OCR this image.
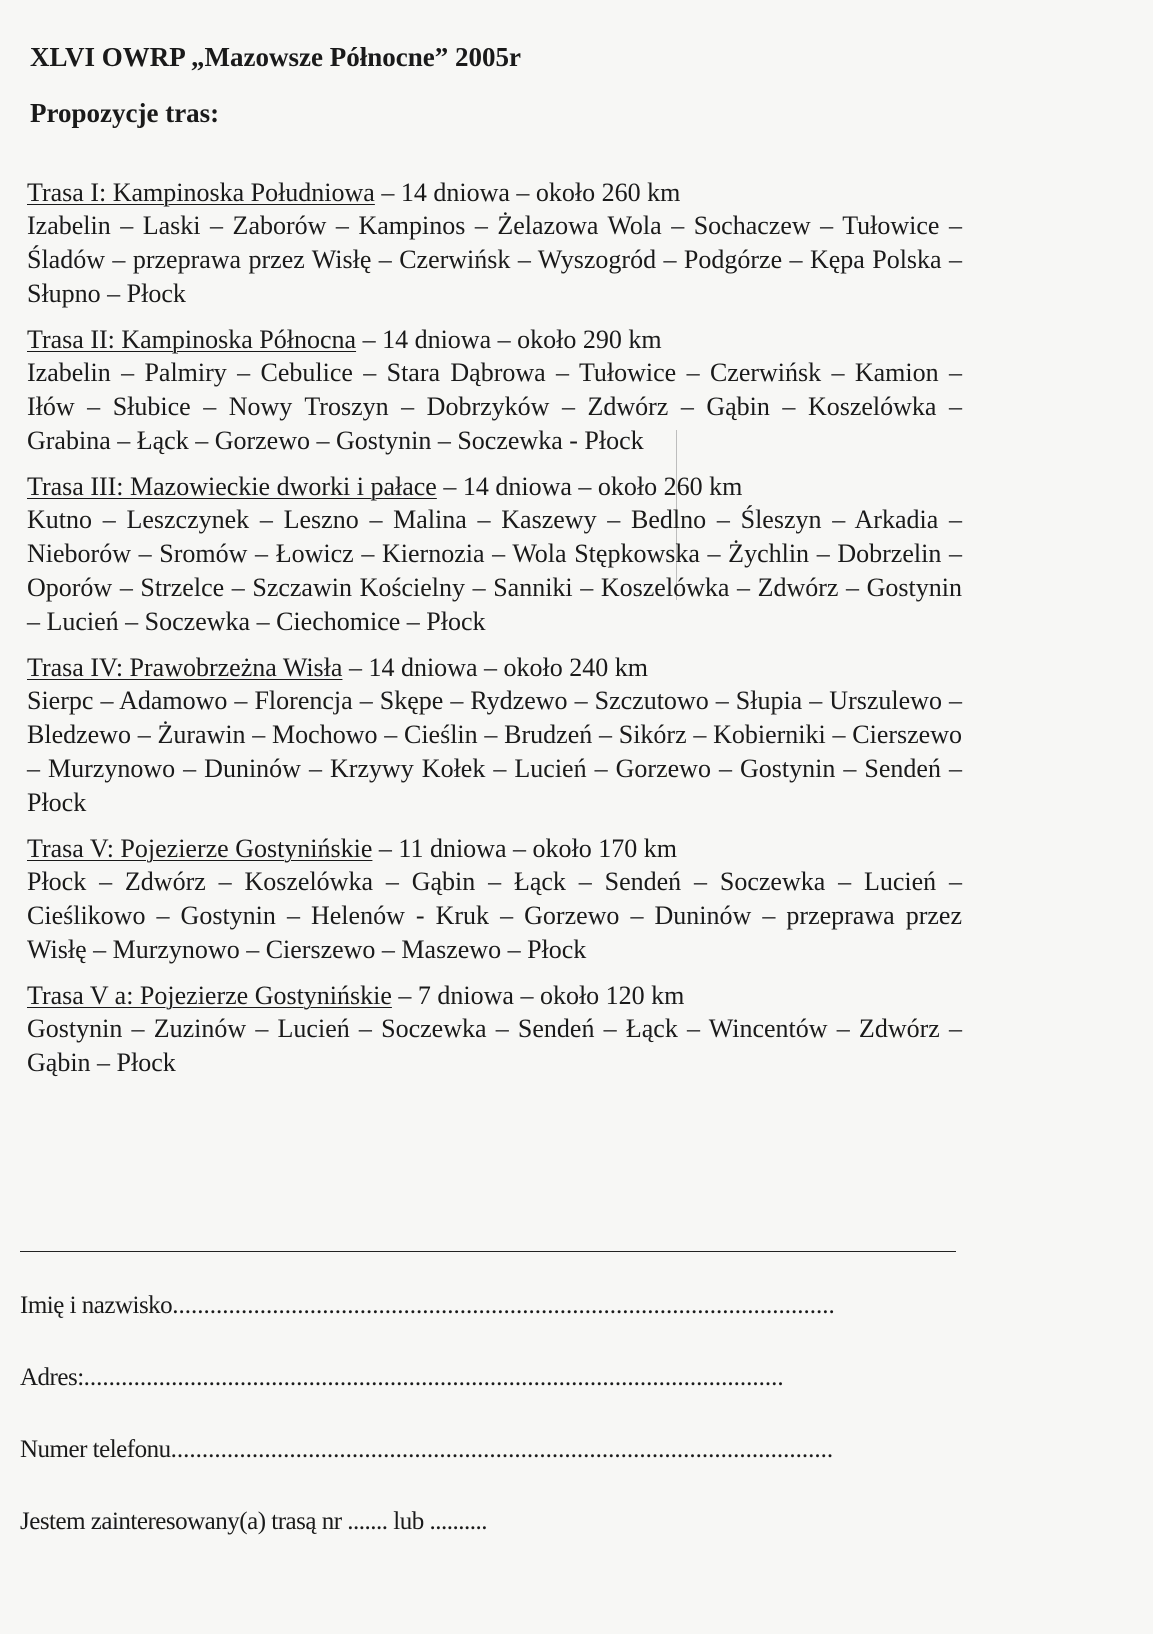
XLVI OWRP „Mazowsze Północne” 2005r
Propozycje tras:
Trasa I: Kampinoska Południowa – 14 dniowa – około 260 km

Izabelin – Laski – Zaborów – Kampinos – Żelazowa Wola – Sochaczew – Tułowice – Śladów – przeprawa przez Wisłę – Czerwińsk – Wyszogród – Podgórze – Kępa Polska – Słupno – Płock

Trasa II: Kampinoska Północna – 14 dniowa – około 290 km

Izabelin – Palmiry – Cebulice – Stara Dąbrowa – Tułowice – Czerwińsk – Kamion – Iłów – Słubice – Nowy Troszyn – Dobrzyków – Zdwórz – Gąbin – Koszelówka – Grabina – Łąck – Gorzewo – Gostynin – Soczewka - Płock

Trasa III: Mazowieckie dworki i pałace – 14 dniowa – około 260 km

Kutno – Leszczynek – Leszno – Malina – Kaszewy – Bedlno – Śleszyn – Arkadia – Nieborów – Sromów – Łowicz – Kiernozia – Wola Stępkowska – Żychlin – Dobrzelin – Oporów – Strzelce – Szczawin Kościelny – Sanniki – Koszelówka – Zdwórz – Gostynin – Lucień – Soczewka – Ciechomice – Płock

Trasa IV: Prawobrzeżna Wisła – 14 dniowa – około 240 km

Sierpc – Adamowo – Florencja – Skępe – Rydzewo – Szczutowo – Słupia – Urszulewo – Bledzewo – Żurawin – Mochowo – Cieślin – Brudzeń – Sikórz – Kobierniki – Cierszewo – Murzynowo – Duninów – Krzywy Kołek – Lucień – Gorzewo – Gostynin – Sendeń – Płock

Trasa V: Pojezierze Gostynińskie – 11 dniowa – około 170 km

Płock – Zdwórz – Koszelówka – Gąbin – Łąck – Sendeń – Soczewka – Lucień – Cieślikowo – Gostynin – Helenów - Kruk – Gorzewo – Duninów – przeprawa przez Wisłę – Murzynowo – Cierszewo – Maszewo – Płock

Trasa V a: Pojezierze Gostynińskie – 7 dniowa – około 120 km

Gostynin – Zuzinów – Lucień – Soczewka – Sendeń – Łąck – Wincentów – Zdwórz – Gąbin – Płock

Imię i nazwisko..........................................................................................................
Adres:................................................................................................................
Numer telefonu..........................................................................................................
Jestem zainteresowany(a) trasą nr ....... lub ..........
